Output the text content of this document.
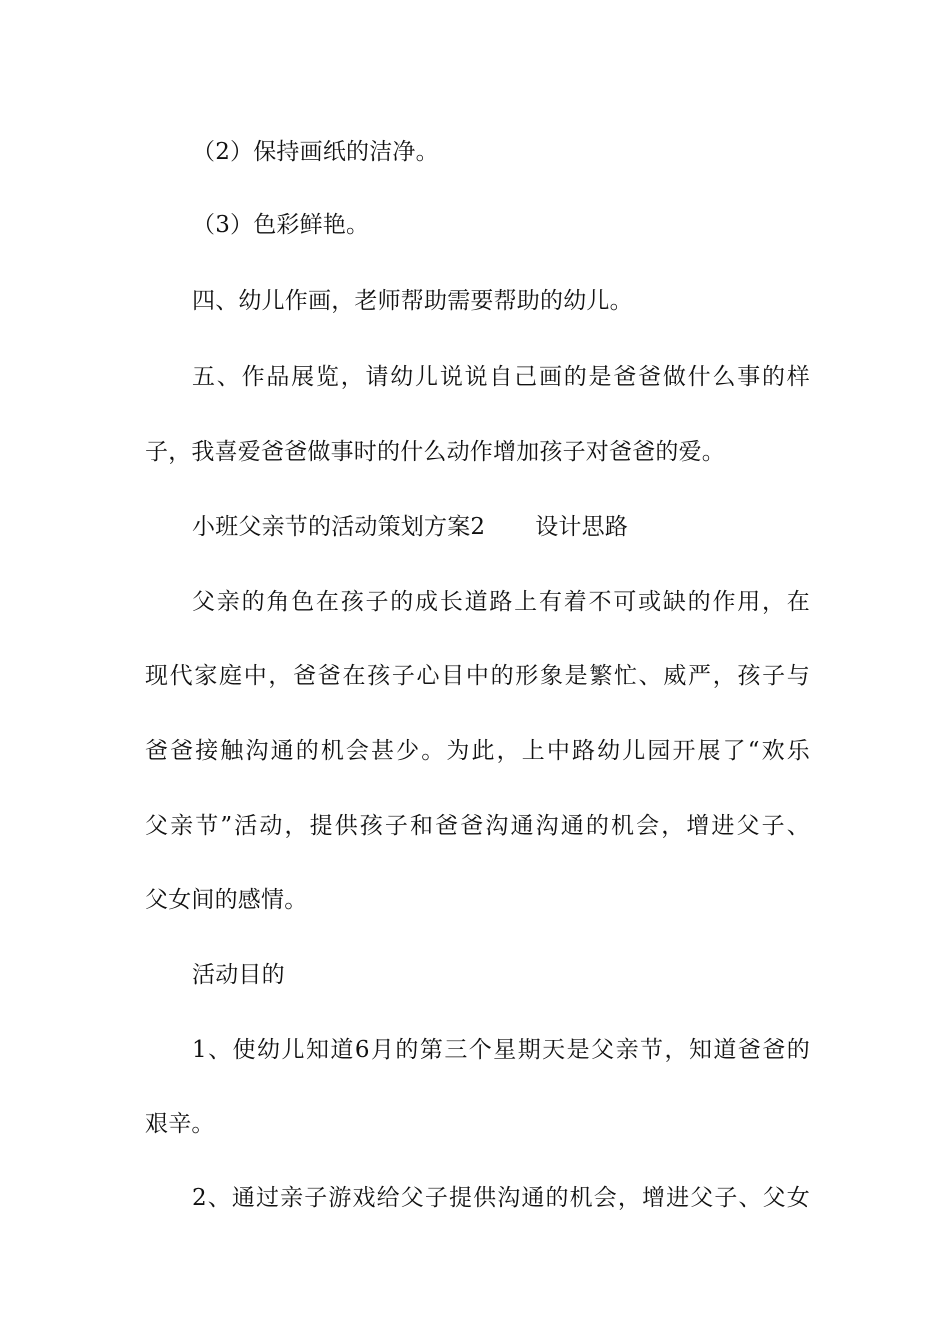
（2）保持画纸的洁净。
（3）色彩鲜艳。
四、幼儿作画，老师帮助需要帮助的幼儿。
五、作品展览，请幼儿说说自己画的是爸爸做什么事的样
子，我喜爱爸爸做事时的什么动作增加孩子对爸爸的爱。
小班父亲节的活动策划方案2 设计思路
父亲的角色在孩子的成长道路上有着不可或缺的作用，在
现代家庭中，爸爸在孩子心目中的形象是繁忙、威严，孩子与
爸爸接触沟通的机会甚少。为此，上中路幼儿园开展了“欢乐
父亲节”活动，提供孩子和爸爸沟通沟通的机会，增进父子、
父女间的感情。
活动目的
1、使幼儿知道6月的第三个星期天是父亲节，知道爸爸的
艰辛。
2、通过亲子游戏给父子提供沟通的机会，增进父子、父女
